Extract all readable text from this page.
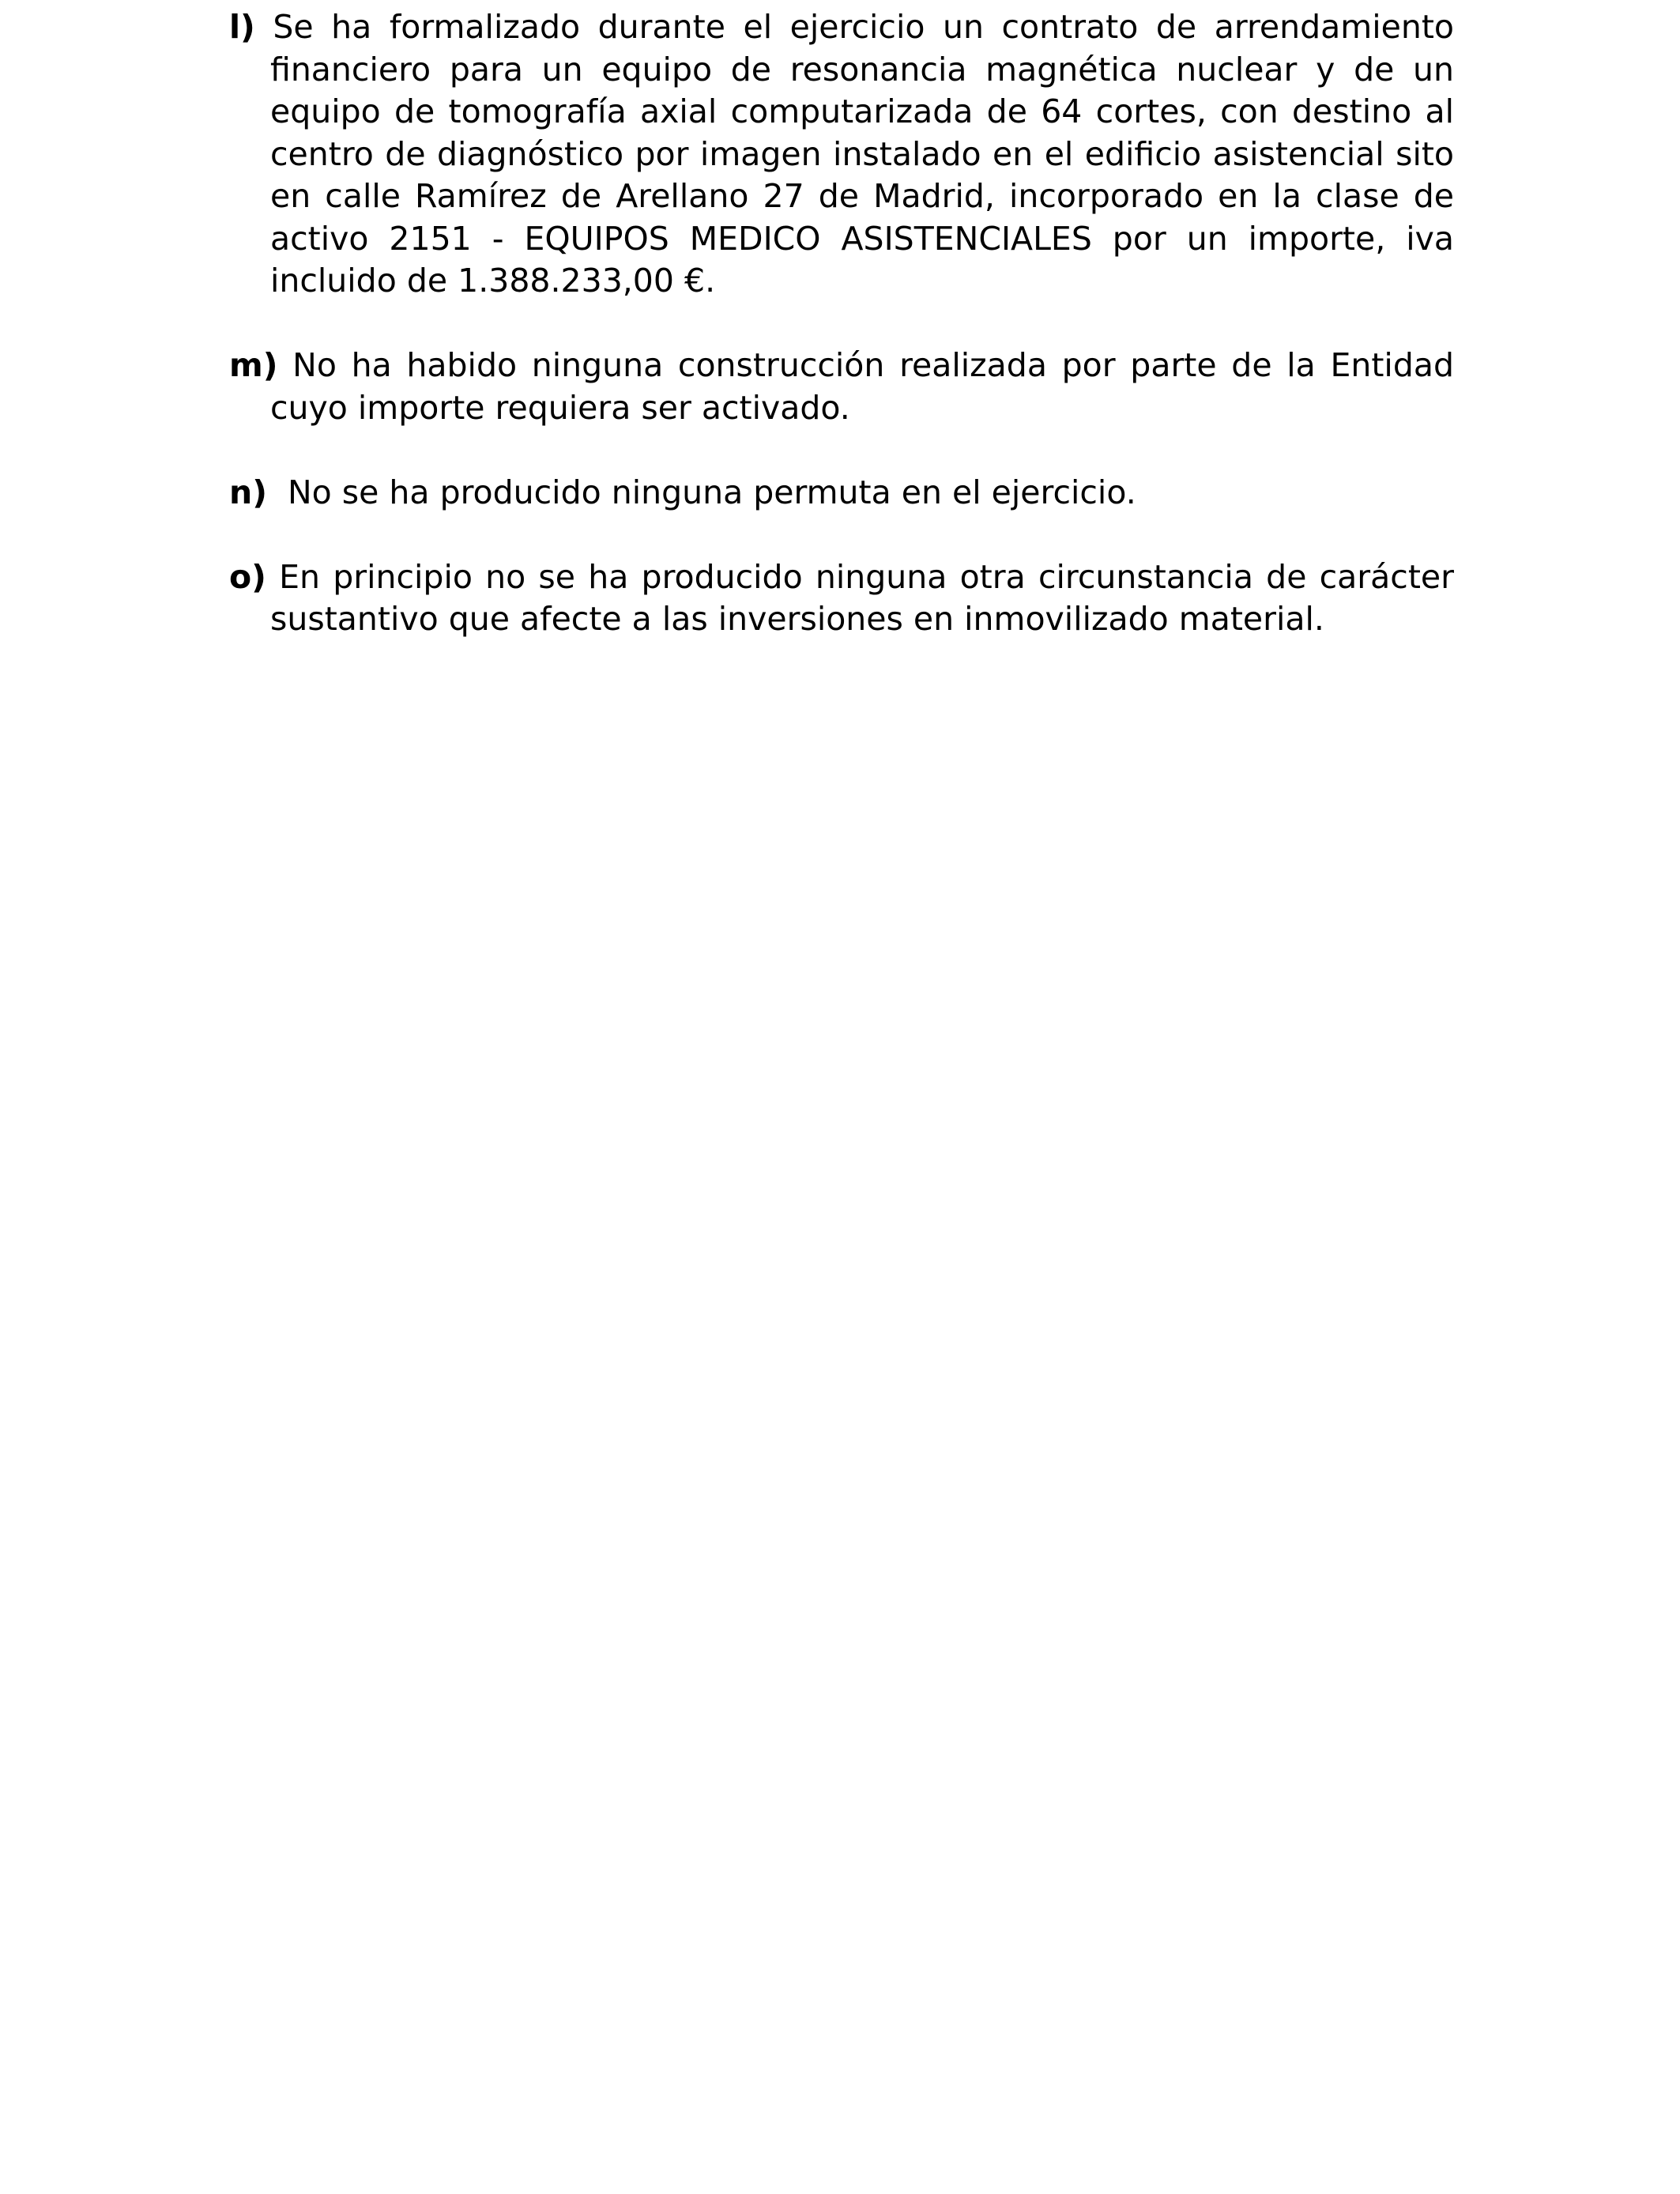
l) Se ha formalizado durante el ejercicio un contrato de arrendamiento financiero para un equipo de resonancia magnética nuclear y de un equipo de tomografía axial computarizada de 64 cortes, con destino al centro de diagnóstico por imagen instalado en el edificio asistencial sito en calle Ramírez de Arellano 27 de Madrid, incorporado en la clase de activo 2151 - EQUIPOS MEDICO ASISTENCIALES por un importe, iva incluido de 1.388.233,00 €.

m) No ha habido ninguna construcción realizada por parte de la Entidad cuyo importe requiera ser activado.

n) No se ha producido ninguna permuta en el ejercicio.

o) En principio no se ha producido ninguna otra circunstancia de carácter sustantivo que afecte a las inversiones en inmovilizado material.
